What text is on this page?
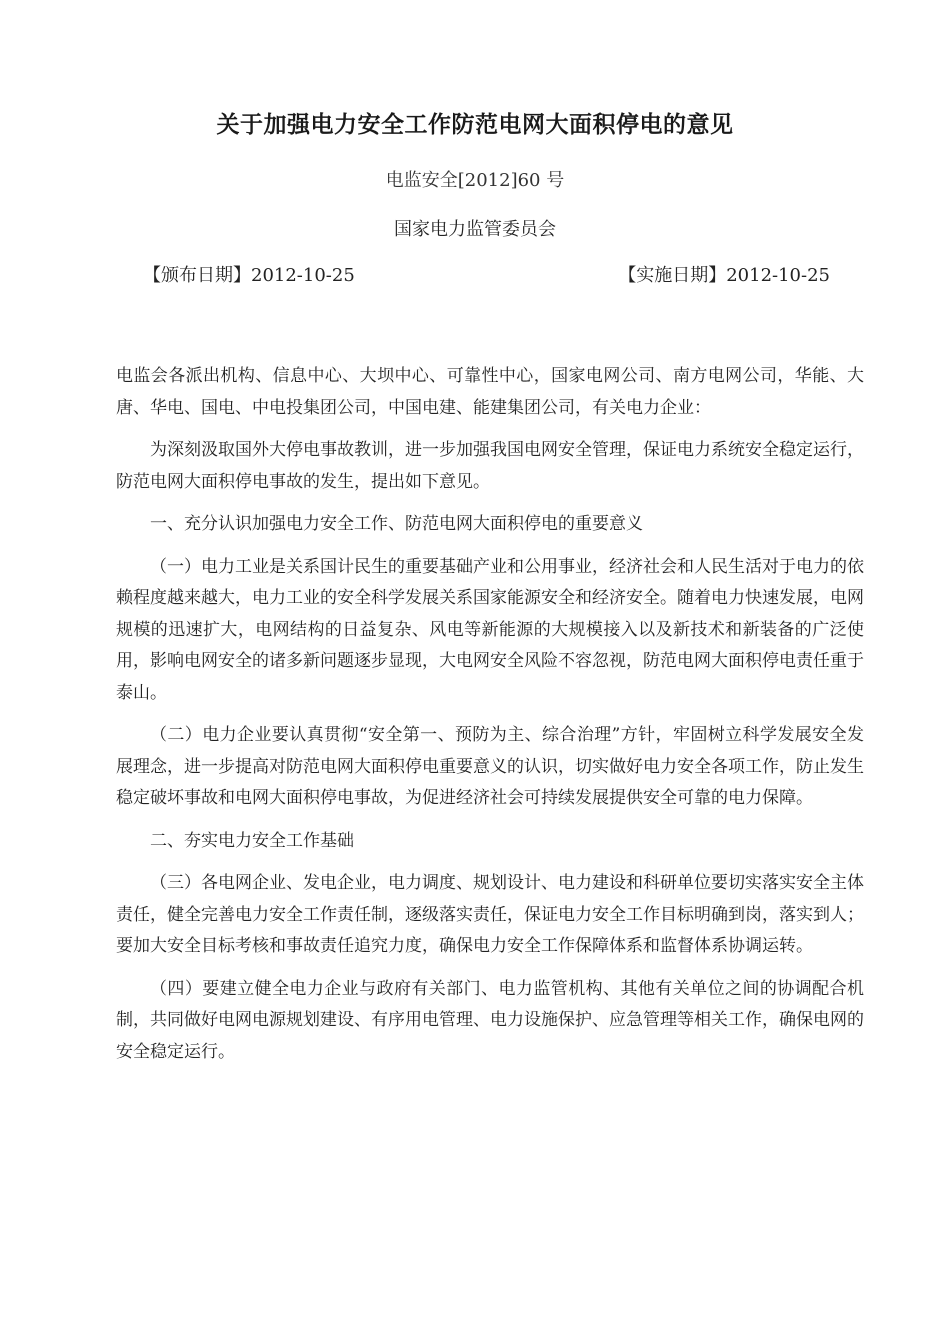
关于加强电力安全工作防范电网大面积停电的意见
电监安全[2012]60 号
国家电力监管委员会
【颁布日期】2012-10-25	【实施日期】2012-10-25

电监会各派出机构、信息中心、大坝中心、可靠性中心，国家电网公司、南方电网公司，华能、大唐、华电、国电、中电投集团公司，中国电建、能建集团公司，有关电力企业：

为深刻汲取国外大停电事故教训，进一步加强我国电网安全管理，保证电力系统安全稳定运行，防范电网大面积停电事故的发生，提出如下意见。

一、充分认识加强电力安全工作、防范电网大面积停电的重要意义

（一）电力工业是关系国计民生的重要基础产业和公用事业，经济社会和人民生活对于电力的依赖程度越来越大，电力工业的安全科学发展关系国家能源安全和经济安全。随着电力快速发展，电网规模的迅速扩大，电网结构的日益复杂、风电等新能源的大规模接入以及新技术和新装备的广泛使用，影响电网安全的诸多新问题逐步显现，大电网安全风险不容忽视，防范电网大面积停电责任重于泰山。

（二）电力企业要认真贯彻“安全第一、预防为主、综合治理”方针，牢固树立科学发展安全发展理念，进一步提高对防范电网大面积停电重要意义的认识，切实做好电力安全各项工作，防止发生稳定破坏事故和电网大面积停电事故，为促进经济社会可持续发展提供安全可靠的电力保障。

二、夯实电力安全工作基础

（三）各电网企业、发电企业，电力调度、规划设计、电力建设和科研单位要切实落实安全主体责任，健全完善电力安全工作责任制，逐级落实责任，保证电力安全工作目标明确到岗，落实到人；要加大安全目标考核和事故责任追究力度，确保电力安全工作保障体系和监督体系协调运转。

（四）要建立健全电力企业与政府有关部门、电力监管机构、其他有关单位之间的协调配合机制，共同做好电网电源规划建设、有序用电管理、电力设施保护、应急管理等相关工作，确保电网的安全稳定运行。
